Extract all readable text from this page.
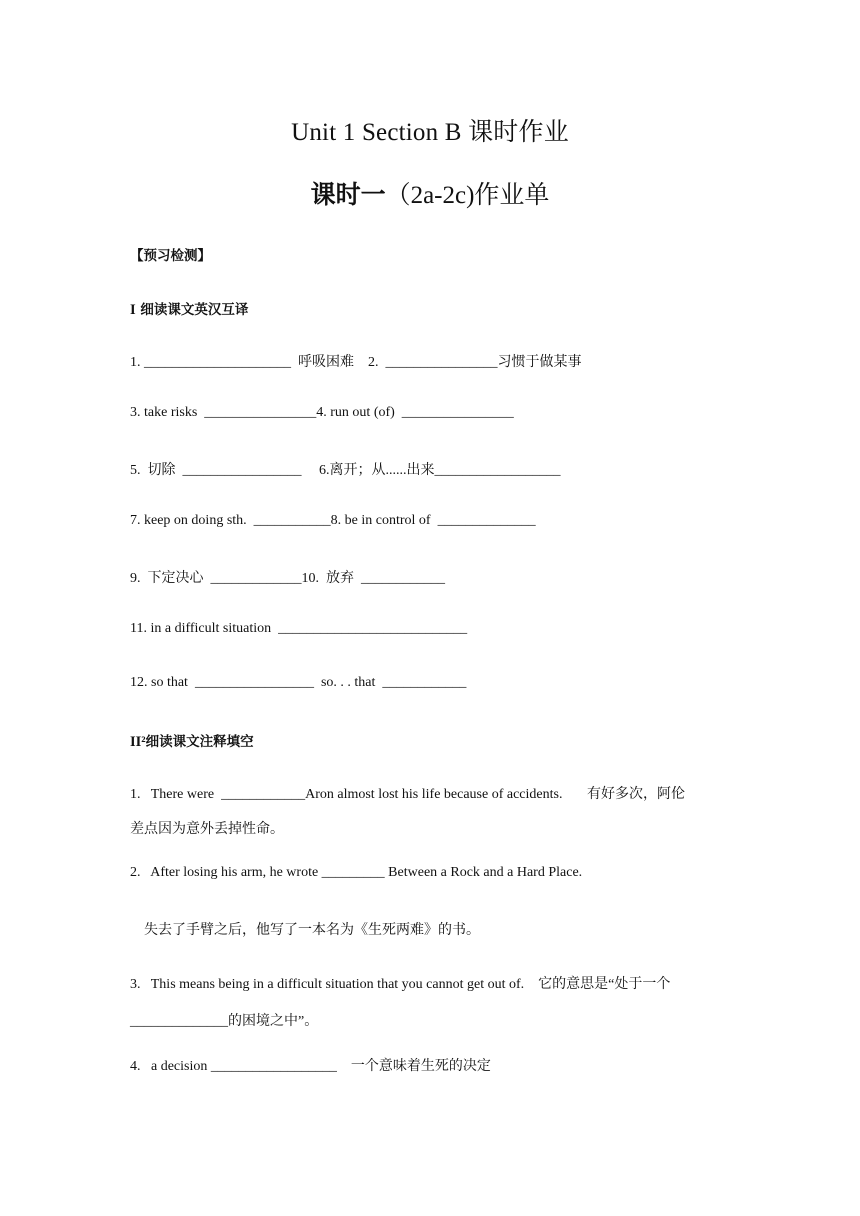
Unit 1 Section B 课时作业
课时一（2a-2c)作业单
【预习检测】
I 细读课文英汉互译
1. _____________________  呼吸困难    2.  ________________习惯于做某事
3. take risks  ________________4. run out (of)  ________________
5.  切除  _________________     6.离开；从......出来__________________
7. keep on doing sth.  ___________8. be in control of  ______________
9.  下定决心  _____________10.  放弃  ____________
11. in a difficult situation  ___________________________
12. so that  _________________  so. . . that  ____________
II²细读课文注释填空
1.   There were  ____________Aron almost lost his life because of accidents.       有好多次，阿伦
差点因为意外丢掉性命。
2.   After losing his arm, he wrote _________ Between a Rock and a Hard Place.
失去了手臂之后，他写了一本名为《生死两难》的书。
3.   This means being in a difficult situation that you cannot get out of.    它的意思是“处于一个
______________的困境之中”。
4.   a decision __________________    一个意味着生死的决定
